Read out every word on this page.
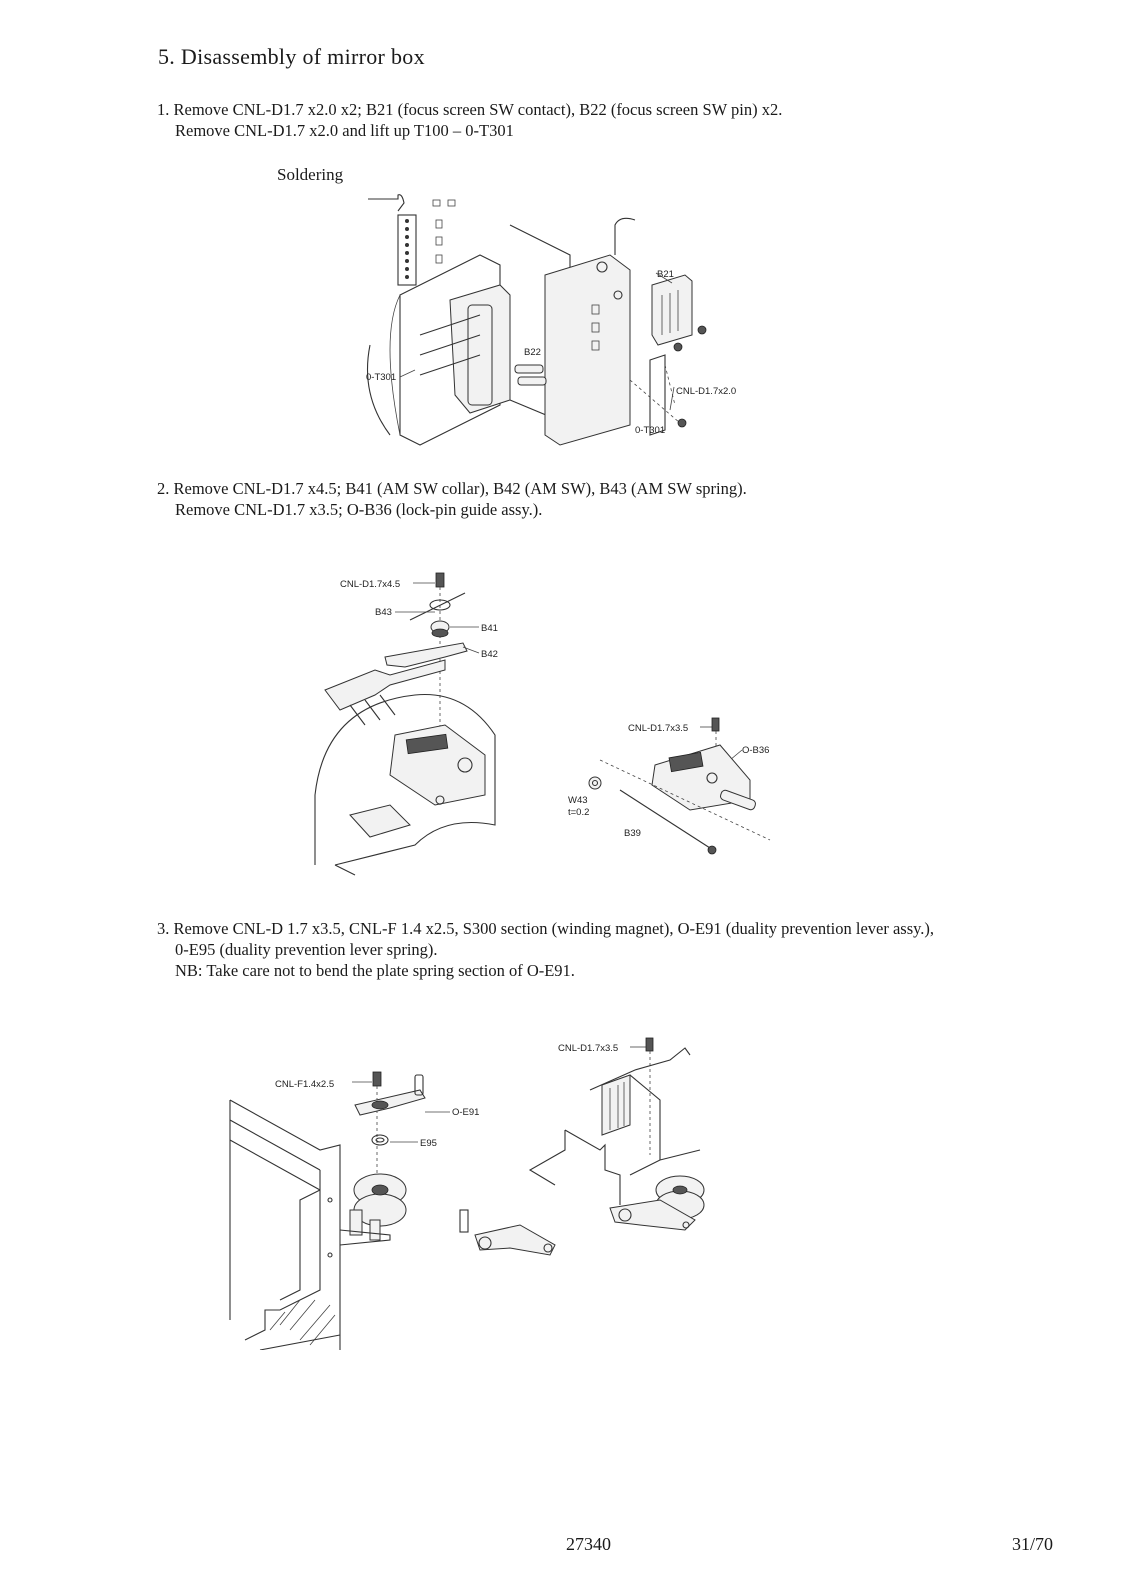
5. Disassembly of mirror box
1. Remove CNL-D1.7 x2.0 x2; B21 (focus screen SW contact), B22 (focus screen SW pin) x2.
Remove CNL-D1.7 x2.0 and lift up T100 – 0-T301
Soldering
B21
B22
0-T301
CNL-D1.7x2.0
0-T301
2. Remove CNL-D1.7 x4.5; B41 (AM SW collar), B42 (AM SW), B43 (AM SW spring).
Remove CNL-D1.7 x3.5; O-B36 (lock-pin guide assy.).
CNL-D1.7x4.5
B43
B41
B42
CNL-D1.7x3.5
O-B36
W43
t=0.2
B39
3. Remove CNL-D 1.7 x3.5, CNL-F 1.4 x2.5, S300 section (winding magnet), O-E91 (duality prevention lever assy.),
0-E95 (duality prevention lever spring).
NB: Take care not to bend the plate spring section of O-E91.
CNL-F1.4x2.5
O-E91
E95
CNL-D1.7x3.5
27340	31/70
